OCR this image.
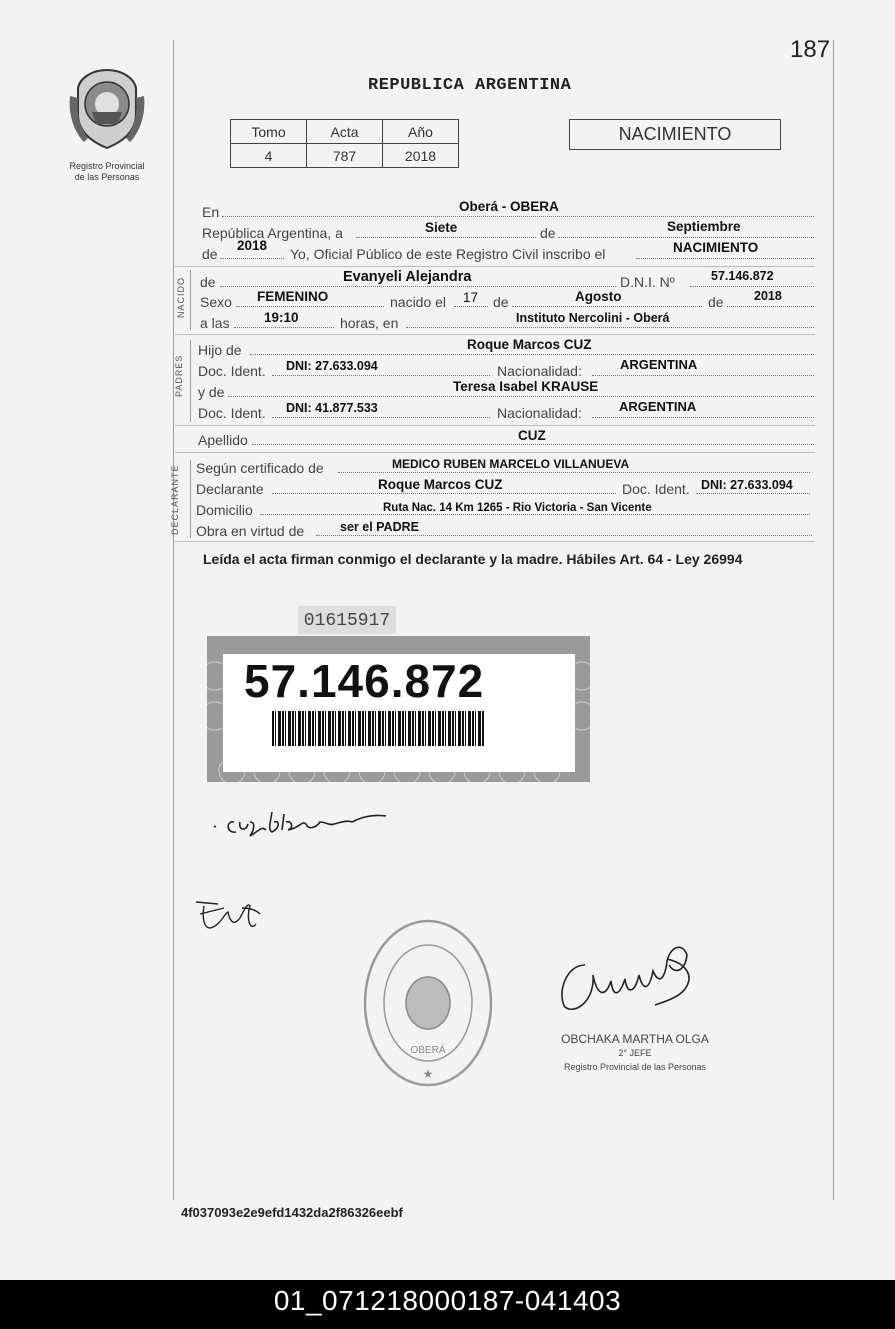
187
Registro Provincial
de las Personas
REPUBLICA ARGENTINA
Tomo	Acta	Año
4	787	2018
NACIMIENTO
En	Oberá - OBERA
República Argentina, a	Siete	de	Septiembre
de
2018
Yo, Oficial Público de este Registro Civil inscribo el	NACIMIENTO
NACIDO de	Evanyeli Alejandra	D.N.I. Nº	57.146.872
Sexo FEMENINO	nacido el 17 de	Agosto	de 2018
a las	19:10	horas, en	Instituto Nercolini - Oberá
PADRES
Hijo de	Roque Marcos CUZ
Doc. Ident. DNI: 27.633.094	Nacionalidad:	ARGENTINA
y de	Teresa Isabel KRAUSE
Doc. Ident. DNI: 41.877.533	Nacionalidad:	ARGENTINA
Apellido	CUZ
DECLARANTE Según certificado de	MEDICO RUBEN MARCELO VILLANUEVA
Declarante	Roque Marcos CUZ	Doc. Ident. DNI: 27.633.094
Domicilio	Ruta Nac. 14 Km 1265 - Rio Victoria - San Vicente
Obra en virtud de	ser el PADRE
Leída el acta firman conmigo el declarante y la madre. Hábiles Art. 64 - Ley 26994
01615917
57.146.872
OBERÁ
★
OBCHAKA MARTHA OLGA
2° JEFE
Registro Provincial de las Personas
4f037093e2e9efd1432da2f86326eebf
01_071218000187-041403
